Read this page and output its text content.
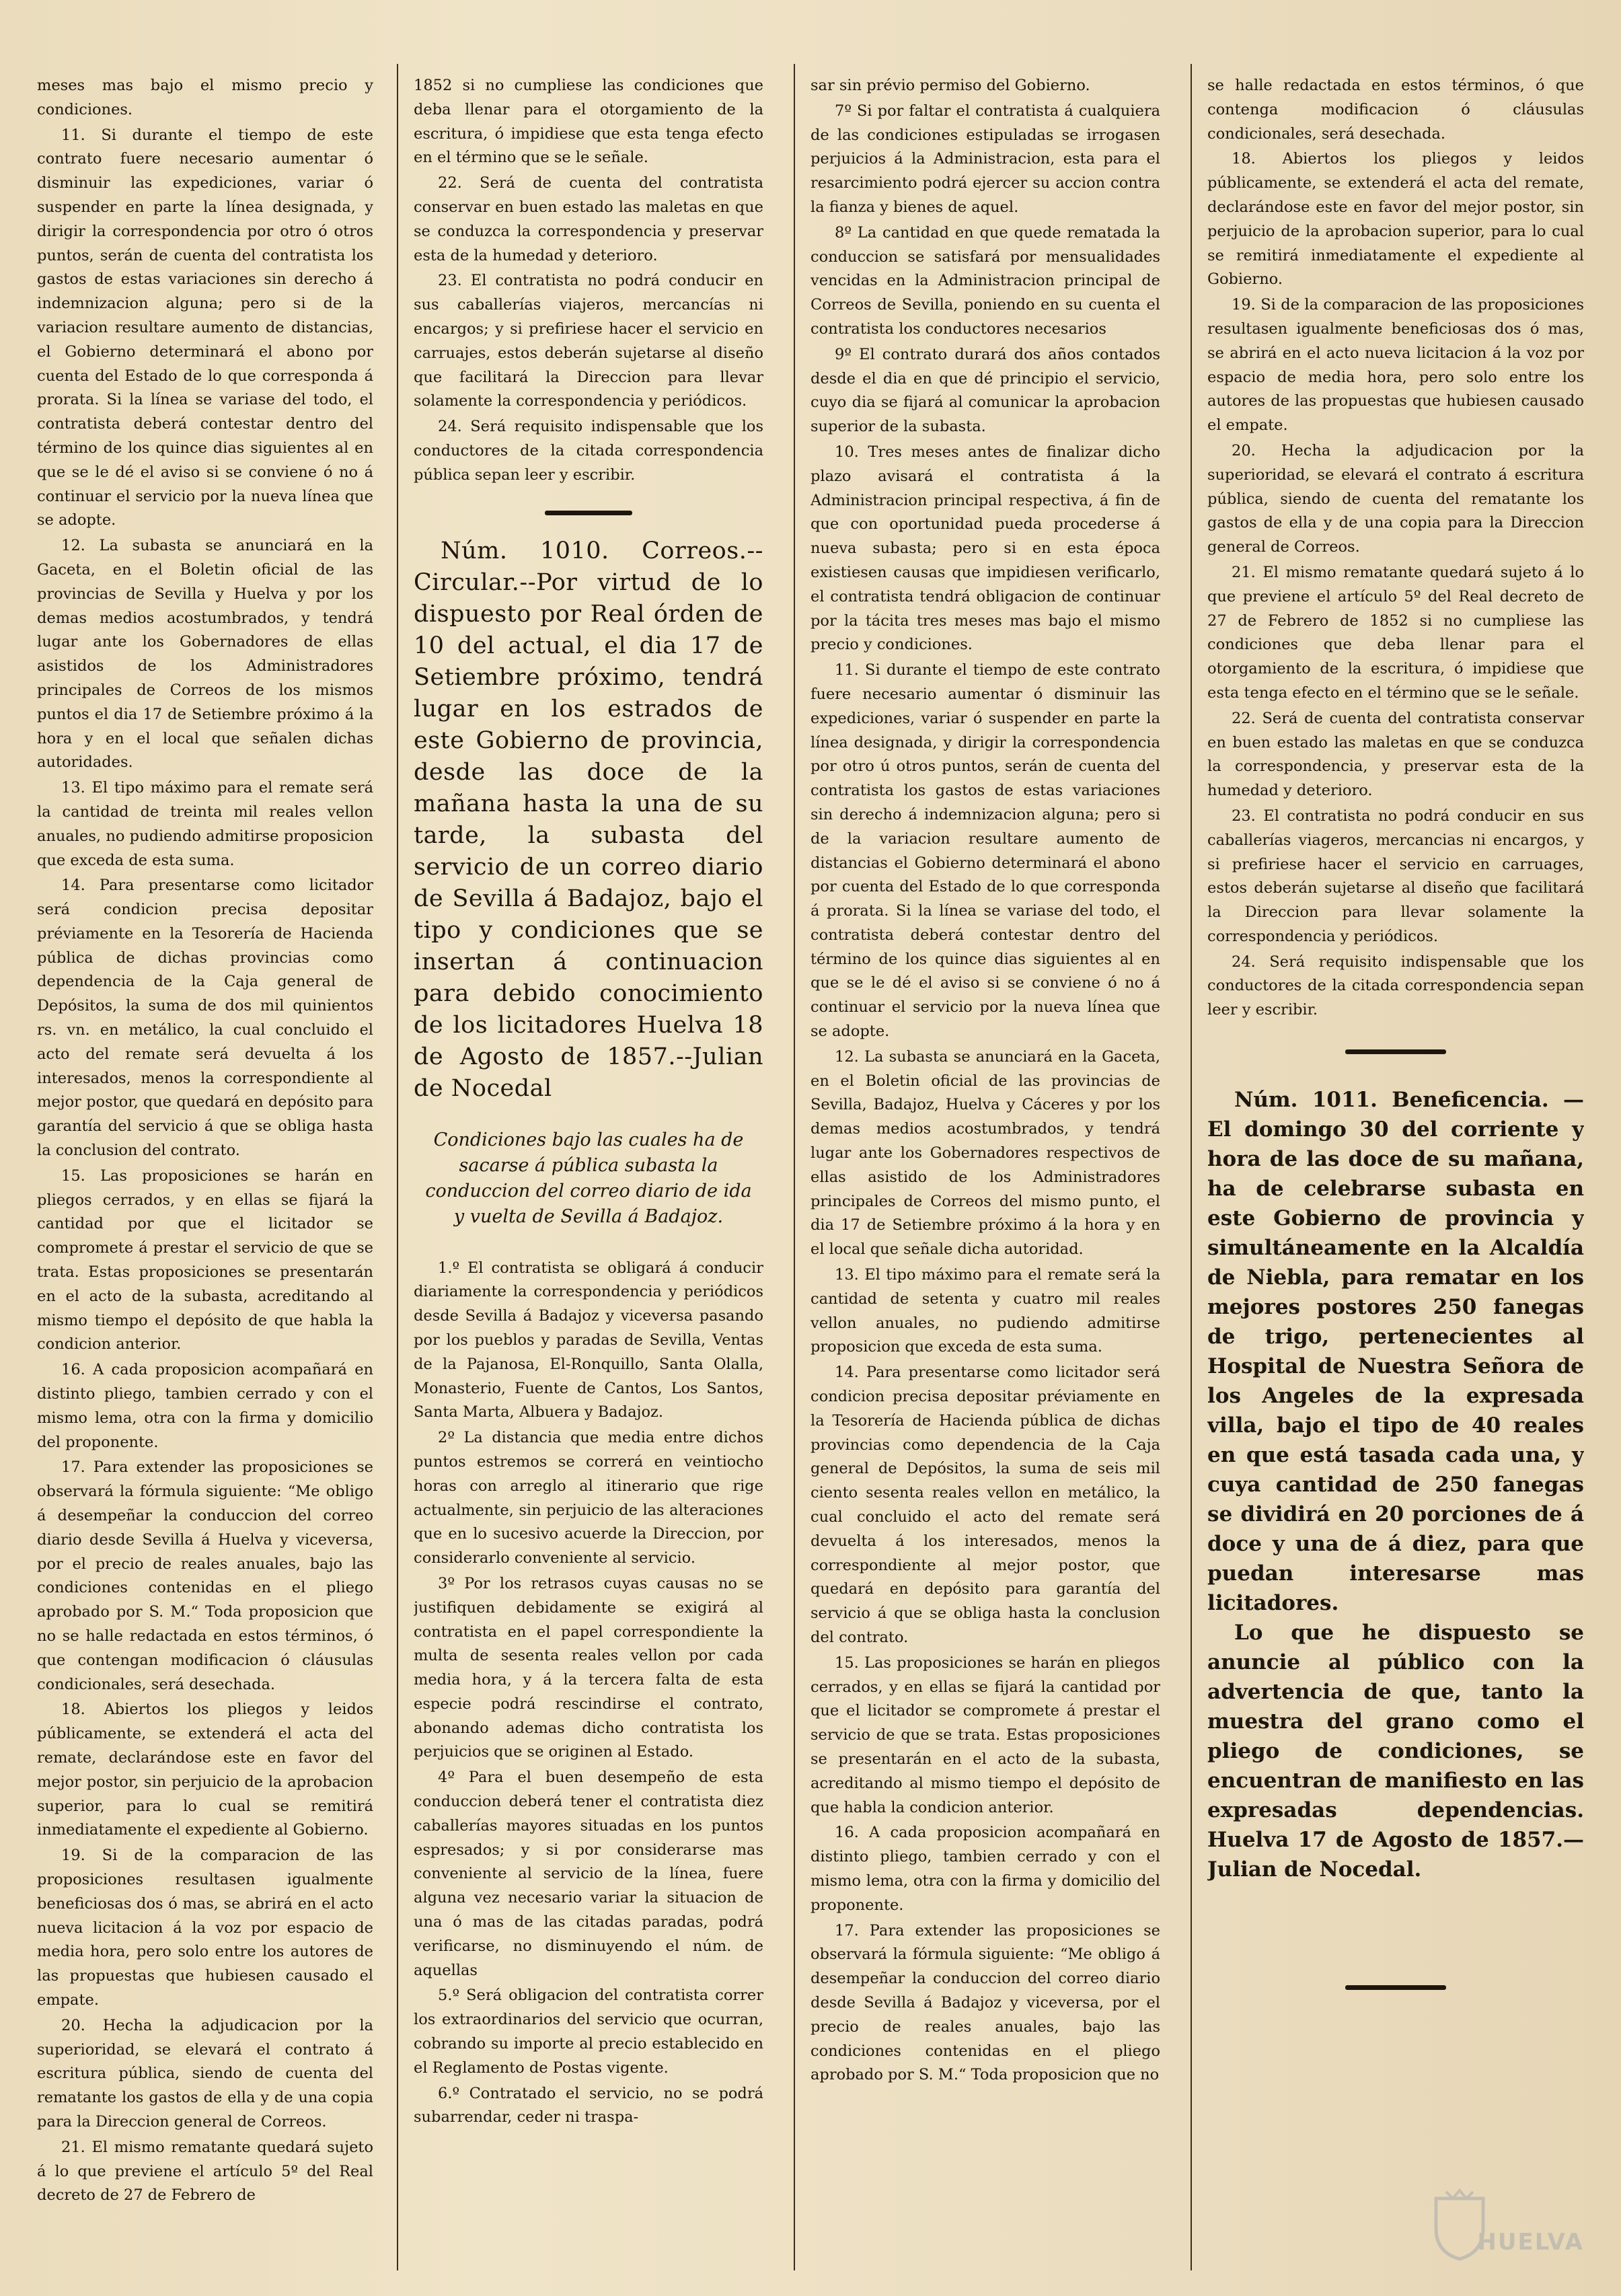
meses mas bajo el mismo precio y condiciones.

11. Si durante el tiempo de este contrato fuere necesario aumentar ó disminuir las expediciones, variar ó suspender en parte la línea designada, y dirigir la correspondencia por otro ó otros puntos, serán de cuenta del contratista los gastos de estas variaciones sin derecho á indemnizacion alguna; pero si de la variacion resultare aumento de distancias, el Gobierno determinará el abono por cuenta del Estado de lo que corresponda á prorata. Si la línea se variase del todo, el contratista deberá contestar dentro del término de los quince dias siguientes al en que se le dé el aviso si se conviene ó no á continuar el servicio por la nueva línea que se adopte.

12. La subasta se anunciará en la Gaceta, en el Boletin oficial de las provincias de Sevilla y Huelva y por los demas medios acostumbrados, y tendrá lugar ante los Gobernadores de ellas asistidos de los Administradores principales de Correos de los mismos puntos el dia 17 de Setiembre próximo á la hora y en el local que señalen dichas autoridades.

13. El tipo máximo para el remate será la cantidad de treinta mil reales vellon anuales, no pudiendo admitirse proposicion que exceda de esta suma.

14. Para presentarse como licitador será condicion precisa depositar préviamente en la Tesorería de Hacienda pública de dichas provincias como dependencia de la Caja general de Depósitos, la suma de dos mil quinientos rs. vn. en metálico, la cual concluido el acto del remate será devuelta á los interesados, menos la correspondiente al mejor postor, que quedará en depósito para garantía del servicio á que se obliga hasta la conclusion del contrato.

15. Las proposiciones se harán en pliegos cerrados, y en ellas se fijará la cantidad por que el licitador se compromete á prestar el servicio de que se trata. Estas proposiciones se presentarán en el acto de la subasta, acreditando al mismo tiempo el depósito de que habla la condicion anterior.

16. A cada proposicion acompañará en distinto pliego, tambien cerrado y con el mismo lema, otra con la firma y domicilio del proponente.

17. Para extender las proposiciones se observará la fórmula siguiente: “Me obligo á desempeñar la conduccion del correo diario desde Sevilla á Huelva y viceversa, por el precio de reales anuales, bajo las condiciones contenidas en el pliego aprobado por S. M.“ Toda proposicion que no se halle redactada en estos términos, ó que contengan modificacion ó cláusulas condicionales, será desechada.

18. Abiertos los pliegos y leidos públicamente, se extenderá el acta del remate, declarándose este en favor del mejor postor, sin perjuicio de la aprobacion superior, para lo cual se remitirá inmediatamente el expediente al Gobierno.

19. Si de la comparacion de las proposiciones resultasen igualmente beneficiosas dos ó mas, se abrirá en el acto nueva licitacion á la voz por espacio de media hora, pero solo entre los autores de las propuestas que hubiesen causado el empate.

20. Hecha la adjudicacion por la superioridad, se elevará el contrato á escritura pública, siendo de cuenta del rematante los gastos de ella y de una copia para la Direccion general de Correos.

21. El mismo rematante quedará sujeto á lo que previene el artículo 5º del Real decreto de 27 de Febrero de

1852 si no cumpliese las condiciones que deba llenar para el otorgamiento de la escritura, ó impidiese que esta tenga efecto en el término que se le señale.

22. Será de cuenta del contratista conservar en buen estado las maletas en que se conduzca la correspondencia y preservar esta de la humedad y deterioro.

23. El contratista no podrá conducir en sus caballerías viajeros, mercancías ni encargos; y si prefiriese hacer el servicio en carruajes, estos deberán sujetarse al diseño que facilitará la Direccion para llevar solamente la correspondencia y periódicos.

24. Será requisito indispensable que los conductores de la citada correspondencia pública sepan leer y escribir.

Núm. 1010. Correos.--Circular.--Por virtud de lo dispuesto por Real órden de 10 del actual, el dia 17 de Setiembre próximo, tendrá lugar en los estrados de este Gobierno de provincia, desde las doce de la mañana hasta la una de su tarde, la subasta del servicio de un correo diario de Sevilla á Badajoz, bajo el tipo y condiciones que se insertan á continuacion para debido conocimiento de los licitadores Huelva 18 de Agosto de 1857.--Julian de Nocedal

Condiciones bajo las cuales ha de sacarse á pública subasta la conduccion del correo diario de ida y vuelta de Sevilla á Badajoz.

1.º El contratista se obligará á conducir diariamente la correspondencia y periódicos desde Sevilla á Badajoz y viceversa pasando por los pueblos y paradas de Sevilla, Ventas de la Pajanosa, El-Ronquillo, Santa Olalla, Monasterio, Fuente de Cantos, Los Santos, Santa Marta, Albuera y Badajoz.

2º La distancia que media entre dichos puntos estremos se correrá en veintiocho horas con arreglo al itinerario que rige actualmente, sin perjuicio de las alteraciones que en lo sucesivo acuerde la Direccion, por considerarlo conveniente al servicio.

3º Por los retrasos cuyas causas no se justifiquen debidamente se exigirá al contratista en el papel correspondiente la multa de sesenta reales vellon por cada media hora, y á la tercera falta de esta especie podrá rescindirse el contrato, abonando ademas dicho contratista los perjuicios que se originen al Estado.

4º Para el buen desempeño de esta conduccion deberá tener el contratista diez caballerías mayores situadas en los puntos espresados; y si por considerarse mas conveniente al servicio de la línea, fuere alguna vez necesario variar la situacion de una ó mas de las citadas paradas, podrá verificarse, no disminuyendo el núm. de aquellas

5.º Será obligacion del contratista correr los extraordinarios del servicio que ocurran, cobrando su importe al precio establecido en el Reglamento de Postas vigente.

6.º Contratado el servicio, no se podrá subarrendar, ceder ni traspa-

sar sin prévio permiso del Gobierno.

7º Si por faltar el contratista á cualquiera de las condiciones estipuladas se irrogasen perjuicios á la Administracion, esta para el resarcimiento podrá ejercer su accion contra la fianza y bienes de aquel.

8º La cantidad en que quede rematada la conduccion se satisfará por mensualidades vencidas en la Administracion principal de Correos de Sevilla, poniendo en su cuenta el contratista los conductores necesarios

9º El contrato durará dos años contados desde el dia en que dé principio el servicio, cuyo dia se fijará al comunicar la aprobacion superior de la subasta.

10. Tres meses antes de finalizar dicho plazo avisará el contratista á la Administracion principal respectiva, á fin de que con oportunidad pueda procederse á nueva subasta; pero si en esta época existiesen causas que impidiesen verificarlo, el contratista tendrá obligacion de continuar por la tácita tres meses mas bajo el mismo precio y condiciones.

11. Si durante el tiempo de este contrato fuere necesario aumentar ó disminuir las expediciones, variar ó suspender en parte la línea designada, y dirigir la correspondencia por otro ú otros puntos, serán de cuenta del contratista los gastos de estas variaciones sin derecho á indemnizacion alguna; pero si de la variacion resultare aumento de distancias el Gobierno determinará el abono por cuenta del Estado de lo que corresponda á prorata. Si la línea se variase del todo, el contratista deberá contestar dentro del término de los quince dias siguientes al en que se le dé el aviso si se conviene ó no á continuar el servicio por la nueva línea que se adopte.

12. La subasta se anunciará en la Gaceta, en el Boletin oficial de las provincias de Sevilla, Badajoz, Huelva y Cáceres y por los demas medios acostumbrados, y tendrá lugar ante los Gobernadores respectivos de ellas asistido de los Administradores principales de Correos del mismo punto, el dia 17 de Setiembre próximo á la hora y en el local que señale dicha autoridad.

13. El tipo máximo para el remate será la cantidad de setenta y cuatro mil reales vellon anuales, no pudiendo admitirse proposicion que exceda de esta suma.

14. Para presentarse como licitador será condicion precisa depositar préviamente en la Tesorería de Hacienda pública de dichas provincias como dependencia de la Caja general de Depósitos, la suma de seis mil ciento sesenta reales vellon en metálico, la cual concluido el acto del remate será devuelta á los interesados, menos la correspondiente al mejor postor, que quedará en depósito para garantía del servicio á que se obliga hasta la conclusion del contrato.

15. Las proposiciones se harán en pliegos cerrados, y en ellas se fijará la cantidad por que el licitador se compromete á prestar el servicio de que se trata. Estas proposiciones se presentarán en el acto de la subasta, acreditando al mismo tiempo el depósito de que habla la condicion anterior.

16. A cada proposicion acompañará en distinto pliego, tambien cerrado y con el mismo lema, otra con la firma y domicilio del proponente.

17. Para extender las proposiciones se observará la fórmula siguiente: “Me obligo á desempeñar la conduccion del correo diario desde Sevilla á Badajoz y viceversa, por el precio de reales anuales, bajo las condiciones contenidas en el pliego aprobado por S. M.“ Toda proposicion que no

se halle redactada en estos términos, ó que contenga modificacion ó cláusulas condicionales, será desechada.

18. Abiertos los pliegos y leidos públicamente, se extenderá el acta del remate, declarándose este en favor del mejor postor, sin perjuicio de la aprobacion superior, para lo cual se remitirá inmediatamente el expediente al Gobierno.

19. Si de la comparacion de las proposiciones resultasen igualmente beneficiosas dos ó mas, se abrirá en el acto nueva licitacion á la voz por espacio de media hora, pero solo entre los autores de las propuestas que hubiesen causado el empate.

20. Hecha la adjudicacion por la superioridad, se elevará el contrato á escritura pública, siendo de cuenta del rematante los gastos de ella y de una copia para la Direccion general de Correos.

21. El mismo rematante quedará sujeto á lo que previene el artículo 5º del Real decreto de 27 de Febrero de 1852 si no cumpliese las condiciones que deba llenar para el otorgamiento de la escritura, ó impidiese que esta tenga efecto en el término que se le señale.

22. Será de cuenta del contratista conservar en buen estado las maletas en que se conduzca la correspondencia, y preservar esta de la humedad y deterioro.

23. El contratista no podrá conducir en sus caballerías viageros, mercancias ni encargos, y si prefiriese hacer el servicio en carruages, estos deberán sujetarse al diseño que facilitará la Direccion para llevar solamente la correspondencia y periódicos.

24. Será requisito indispensable que los conductores de la citada correspondencia sepan leer y escribir.

Núm. 1011. Beneficencia. —El domingo 30 del corriente y hora de las doce de su mañana, ha de celebrarse subasta en este Gobierno de provincia y simultáneamente en la Alcaldía de Niebla, para rematar en los mejores postores 250 fanegas de trigo, pertenecientes al Hospital de Nuestra Señora de los Angeles de la expresada villa, bajo el tipo de 40 reales en que está tasada cada una, y cuya cantidad de 250 fanegas se dividirá en 20 porciones de á doce y una de á diez, para que puedan interesarse mas licitadores.

Lo que he dispuesto se anuncie al público con la advertencia de que, tanto la muestra del grano como el pliego de condiciones, se encuentran de manifiesto en las expresadas dependencias. Huelva 17 de Agosto de 1857.— Julian de Nocedal.

HUELVA
